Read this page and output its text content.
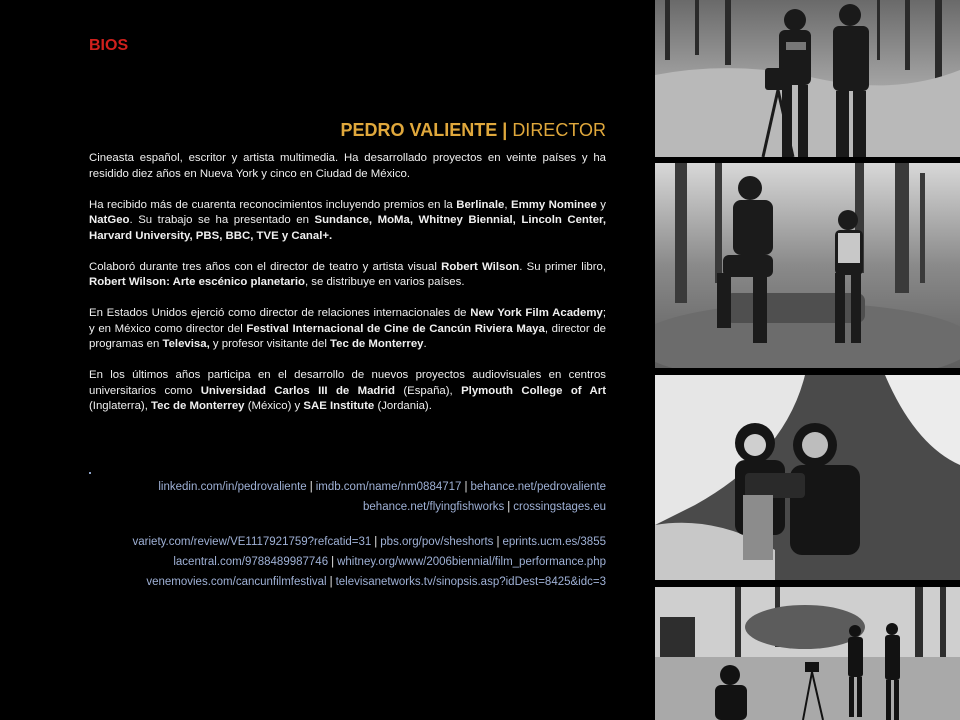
BIOS
PEDRO VALIENTE | DIRECTOR

Cineasta español, escritor y artista multimedia. Ha desarrollado proyectos en veinte países y ha residido diez años en Nueva York y cinco en Ciudad de México.

Ha recibido más de cuarenta reconocimientos incluyendo premios en la Berlinale, Emmy Nominee y NatGeo. Su trabajo se ha presentado en Sundance, MoMa, Whitney Biennial, Lincoln Center, Harvard University, PBS, BBC, TVE y Canal+.

Colaboró durante tres años con el director de teatro y artista visual Robert Wilson. Su primer libro, Robert Wilson: Arte escénico planetario, se distribuye en varios países.

En Estados Unidos ejerció como director de relaciones internacionales de New York Film Academy; y en México como director del Festival Internacional de Cine de Cancún Riviera Maya, director de programas en Televisa, y profesor visitante del Tec de Monterrey.

En los últimos años participa en el desarrollo de nuevos proyectos audiovisuales en centros universitarios como Universidad Carlos III de Madrid (España), Plymouth College of Art (Inglaterra), Tec de Monterrey (México) y SAE Institute (Jordania).

linkedin.com/in/pedrovaliente | imdb.com/name/nm0884717 | behance.net/pedrovaliente
behance.net/flyingfishworks | crossingstages.eu
variety.com/review/VE1117921759?refcatid=31 | pbs.org/pov/sheshorts | eprints.ucm.es/3855
lacentral.com/9788489987746 | whitney.org/www/2006biennial/film_performance.php
venemovies.com/cancunfilmfestival | televisanetworks.tv/sinopsis.asp?idDest=8425&idc=3
